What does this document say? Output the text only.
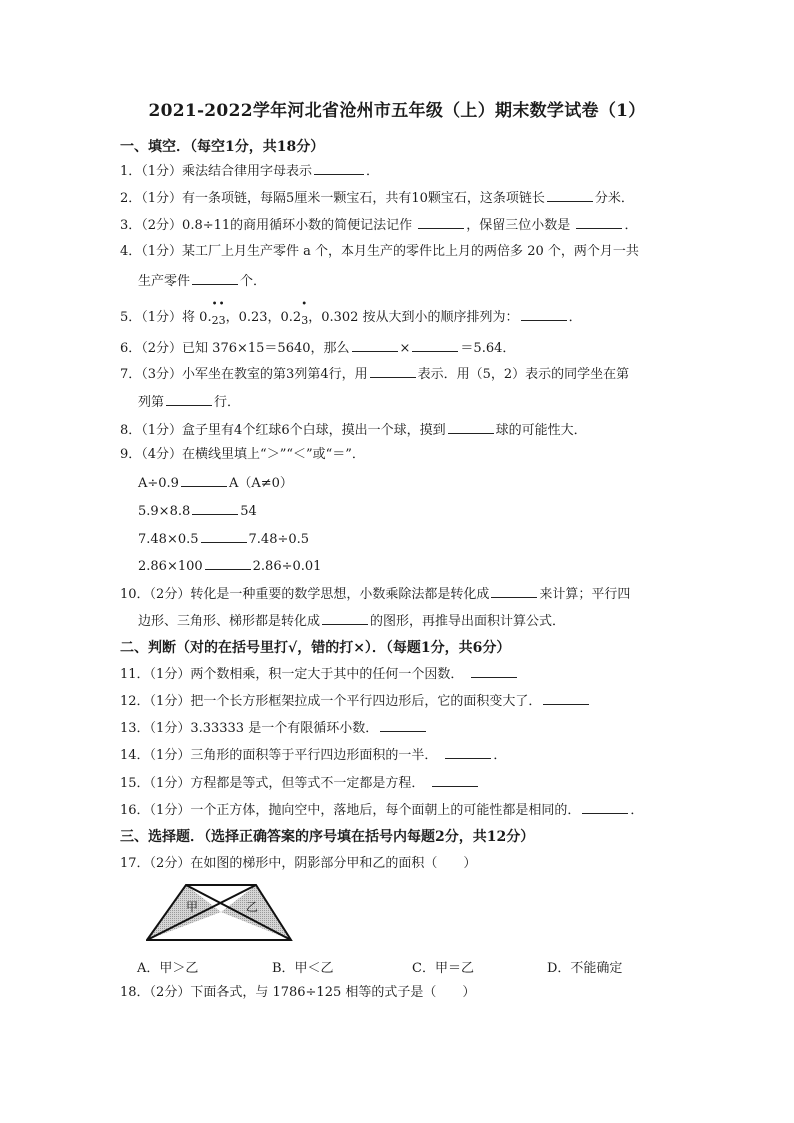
2021-2022学年河北省沧州市五年级（上）期末数学试卷（1）
一、填空．（每空1分，共18分）
1．（1分）乘法结合律用字母表示	．
2．（1分）有一条项链，每隔5厘米一颗宝石，共有10颗宝石，这条项链长	分米．
3．（2分）0.8÷11的商用循环小数的简便记法记作	，保留三位小数是	．
4．（1分）某工厂上月生产零件 a 个，本月生产的零件比上月的两倍多 20 个，两个月一共
生产零件	个．
5．（1分）将 0.
•
$_2$
•
$_3$，0.23，0.2
•
$_3$，0.302 按从大到小的顺序排列为：	．
6．（2分）已知 376×15＝5640，那么	×	＝5.64．
7．（3分）小军坐在教室的第3列第4行，用	表示．用（5，2）表示的同学坐在第
列第	行．
8．（1分）盒子里有4个红球6个白球，摸出一个球，摸到	球的可能性大．
9．（4分）在横线里填上“＞”“＜”或“＝”．
A÷0.9	A（A≠0）
5.9×8.8	54
7.48×0.5	7.48÷0.5
2.86×100	2.86÷0.01
10．（2分）转化是一种重要的数学思想，小数乘除法都是转化成	来计算；平行四
边形、三角形、梯形都是转化成	的图形，再推导出面积计算公式．
二、判断（对的在括号里打√，错的打×）．（每题1分，共6分）
11．（1分）两个数相乘，积一定大于其中的任何一个因数．
12．（1分）把一个长方形框架拉成一个平行四边形后，它的面积变大了．
13．（1分）3.33333 是一个有限循环小数．
14．（1分）三角形的面积等于平行四边形面积的一半．	．
15．（1分）方程都是等式，但等式不一定都是方程．
16．（1分）一个正方体，抛向空中，落地后，每个面朝上的可能性都是相同的．	．
三、选择题．（选择正确答案的序号填在括号内每题2分，共12分）
17．（2分）在如图的梯形中，阴影部分甲和乙的面积（　　）
甲	乙
A．甲＞乙	B．甲＜乙	C．甲＝乙	D．不能确定
18．（2分）下面各式，与 1786÷125 相等的式子是（　　）
